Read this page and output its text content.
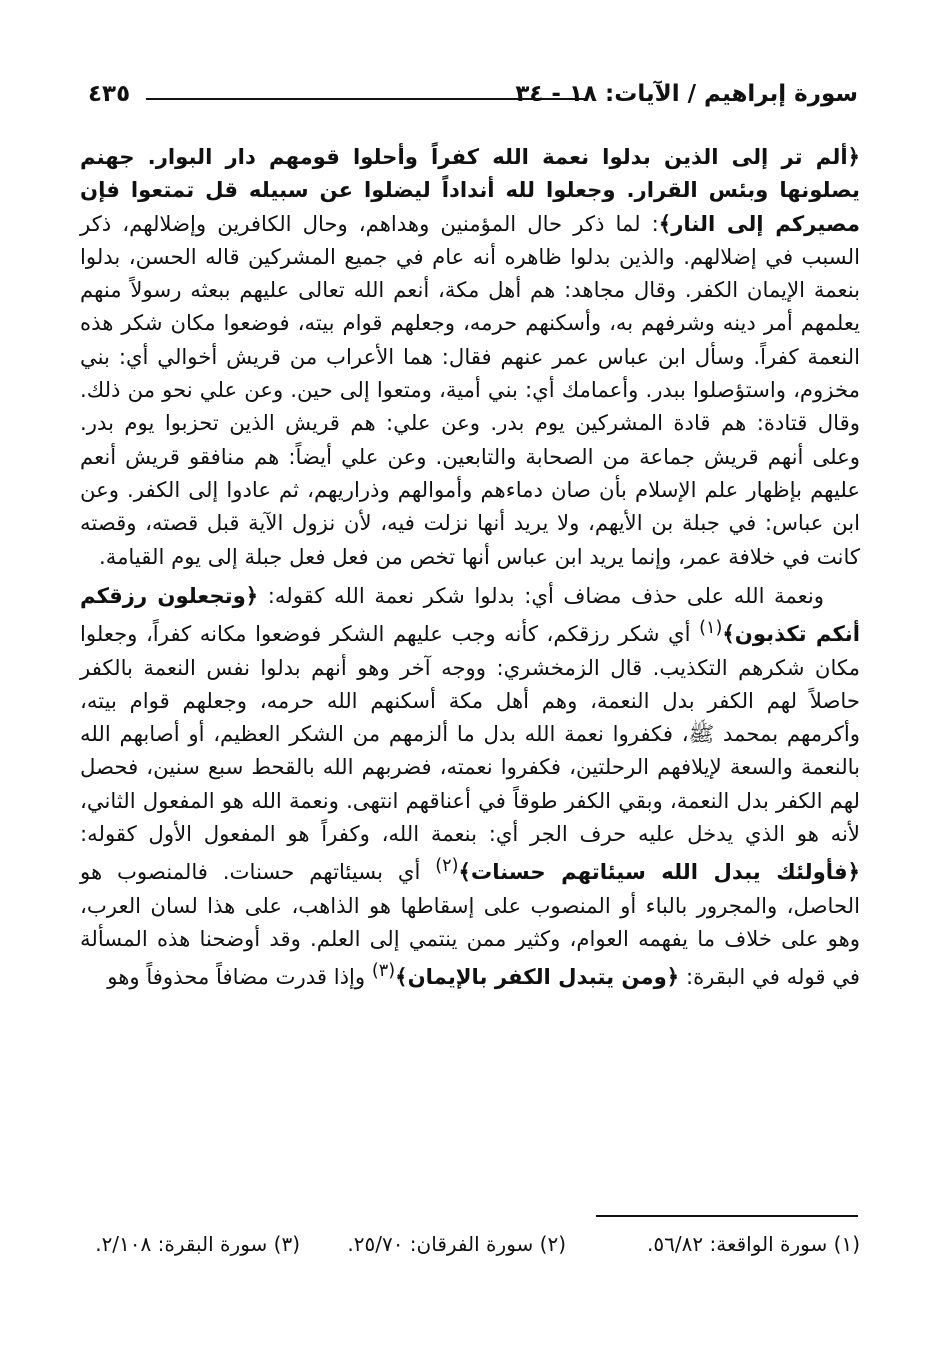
سورة إبراهيم / الآيات: ١٨ - ٣٤
٤٣٥

﴿ألم تر إلى الذين بدلوا نعمة الله كفراً وأحلوا قومهم دار البوار. جهنم يصلونها وبئس القرار. وجعلوا لله أنداداً ليضلوا عن سبيله قل تمتعوا فإن مصيركم إلى النار﴾: لما ذكر حال المؤمنين وهداهم، وحال الكافرين وإضلالهم، ذكر السبب في إضلالهم. والذين بدلوا ظاهره أنه عام في جميع المشركين قاله الحسن، بدلوا بنعمة الإيمان الكفر. وقال مجاهد: هم أهل مكة، أنعم الله تعالى عليهم ببعثه رسولاً منهم يعلمهم أمر دينه وشرفهم به، وأسكنهم حرمه، وجعلهم قوام بيته، فوضعوا مكان شكر هذه النعمة كفراً. وسأل ابن عباس عمر عنهم فقال: هما الأعراب من قريش أخوالي أي: بني مخزوم، واستؤصلوا ببدر. وأعمامك أي: بني أمية، ومتعوا إلى حين. وعن علي نحو من ذلك. وقال قتادة: هم قادة المشركين يوم بدر. وعن علي: هم قريش الذين تحزبوا يوم بدر. وعلى أنهم قريش جماعة من الصحابة والتابعين. وعن علي أيضاً: هم منافقو قريش أنعم عليهم بإظهار علم الإسلام بأن صان دماءهم وأموالهم وذراريهم، ثم عادوا إلى الكفر. وعن ابن عباس: في جبلة بن الأيهم، ولا يريد أنها نزلت فيه، لأن نزول الآية قبل قصته، وقصته كانت في خلافة عمر، وإنما يريد ابن عباس أنها تخص من فعل فعل جبلة إلى يوم القيامة.

ونعمة الله على حذف مضاف أي: بدلوا شكر نعمة الله كقوله: ﴿وتجعلون رزقكم أنكم تكذبون﴾$^{(١)}$ أي شكر رزقكم، كأنه وجب عليهم الشكر فوضعوا مكانه كفراً، وجعلوا مكان شكرهم التكذيب. قال الزمخشري: ووجه آخر وهو أنهم بدلوا نفس النعمة بالكفر حاصلاً لهم الكفر بدل النعمة، وهم أهل مكة أسكنهم الله حرمه، وجعلهم قوام بيته، وأكرمهم بمحمد ﷺ، فكفروا نعمة الله بدل ما ألزمهم من الشكر العظيم، أو أصابهم الله بالنعمة والسعة لإيلافهم الرحلتين، فكفروا نعمته، فضربهم الله بالقحط سبع سنين، فحصل لهم الكفر بدل النعمة، وبقي الكفر طوقاً في أعناقهم انتهى. ونعمة الله هو المفعول الثاني، لأنه هو الذي يدخل عليه حرف الجر أي: بنعمة الله، وكفراً هو المفعول الأول كقوله: ﴿فأولئك يبدل الله سيئاتهم حسنات﴾$^{(٢)}$ أي بسيئاتهم حسنات. فالمنصوب هو الحاصل، والمجرور بالباء أو المنصوب على إسقاطها هو الذاهب، على هذا لسان العرب، وهو على خلاف ما يفهمه العوام، وكثير ممن ينتمي إلى العلم. وقد أوضحنا هذه المسألة في قوله في البقرة: ﴿ومن يتبدل الكفر بالإيمان﴾$^{(٣)}$ وإذا قدرت مضافاً محذوفاً وهو

(١) سورة الواقعة: ٥٦/٨٢.
(٢) سورة الفرقان: ٢٥/٧٠.
(٣) سورة البقرة: ٢/١٠٨.
